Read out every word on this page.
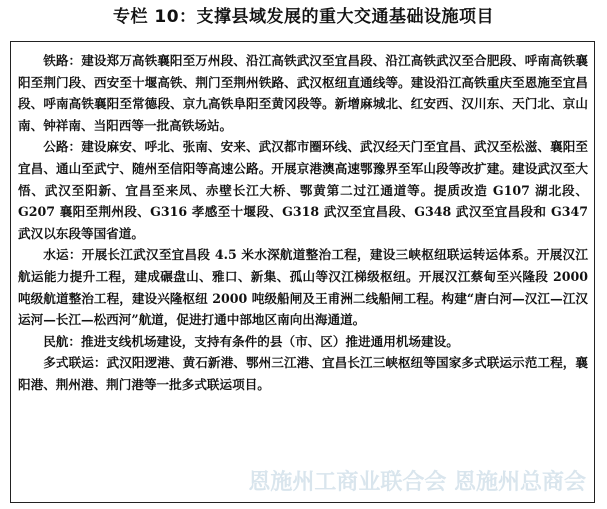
专栏 10：支撑县域发展的重大交通基础设施项目

铁路：建设郑万高铁襄阳至万州段、沿江高铁武汉至宜昌段、沿江高铁武汉至合肥段、呼南高铁襄阳至荆门段、西安至十堰高铁、荆门至荆州铁路、武汉枢纽直通线等。建设沿江高铁重庆至恩施至宜昌段、呼南高铁襄阳至常德段、京九高铁阜阳至黄冈段等。新增麻城北、红安西、汉川东、天门北、京山南、钟祥南、当阳西等一批高铁场站。

公路：建设麻安、呼北、张南、安来、武汉都市圈环线、武汉经天门至宜昌、武汉至松滋、襄阳至宜昌、通山至武宁、随州至信阳等高速公路。开展京港澳高速鄂豫界至军山段等改扩建。建设武汉至大悟、武汉至阳新、宜昌至来凤、赤壁长江大桥、鄂黄第二过江通道等。提质改造 G107 湖北段、G207 襄阳至荆州段、G316 孝感至十堰段、G318 武汉至宜昌段、G348 武汉至宜昌段和 G347 武汉以东段等国省道。

水运：开展长江武汉至宜昌段 4.5 米水深航道整治工程，建设三峡枢纽联运转运体系。开展汉江航运能力提升工程，建成碾盘山、雅口、新集、孤山等汉江梯级枢纽。开展汉江蔡甸至兴隆段 2000 吨级航道整治工程，建设兴隆枢纽 2000 吨级船闸及王甫洲二线船闸工程。构建“唐白河—汉江—江汉运河—长江—松西河”航道，促进打通中部地区南向出海通道。

民航：推进支线机场建设，支持有条件的县（市、区）推进通用机场建设。

多式联运：武汉阳逻港、黄石新港、鄂州三江港、宜昌长江三峡枢纽等国家多式联运示范工程，襄阳港、荆州港、荆门港等一批多式联运项目。

恩施州工商业联合会 恩施州总商会
